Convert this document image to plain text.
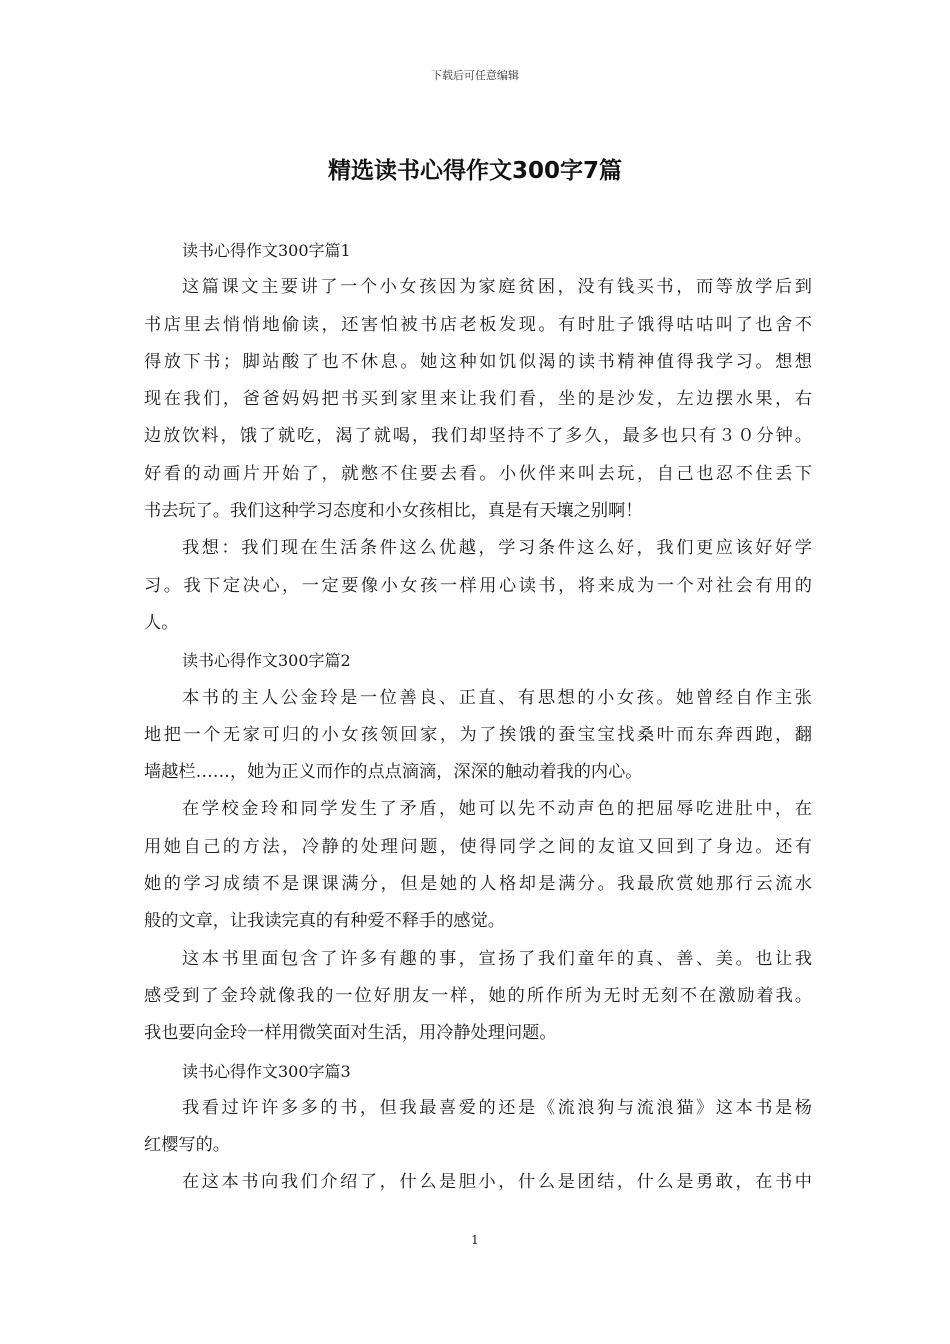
下载后可任意编辑
精选读书心得作文300字7篇
读书心得作文300字篇1
这篇课文主要讲了一个小女孩因为家庭贫困，没有钱买书，而等放学后到
书店里去悄悄地偷读，还害怕被书店老板发现。有时肚子饿得咕咕叫了也舍不
得放下书；脚站酸了也不休息。她这种如饥似渴的读书精神值得我学习。想想
现在我们，爸爸妈妈把书买到家里来让我们看，坐的是沙发，左边摆水果，右
边放饮料，饿了就吃，渴了就喝，我们却坚持不了多久，最多也只有３０分钟。
好看的动画片开始了，就憋不住要去看。小伙伴来叫去玩，自己也忍不住丢下
书去玩了。我们这种学习态度和小女孩相比，真是有天壤之别啊！
我想：我们现在生活条件这么优越，学习条件这么好，我们更应该好好学
习。我下定决心，一定要像小女孩一样用心读书，将来成为一个对社会有用的
人。
读书心得作文300字篇2
本书的主人公金玲是一位善良、正直、有思想的小女孩。她曾经自作主张
地把一个无家可归的小女孩领回家，为了挨饿的蚕宝宝找桑叶而东奔西跑，翻
墙越栏……，她为正义而作的点点滴滴，深深的触动着我的内心。
在学校金玲和同学发生了矛盾，她可以先不动声色的把屈辱吃进肚中，在
用她自己的方法，冷静的处理问题，使得同学之间的友谊又回到了身边。还有
她的学习成绩不是课课满分，但是她的人格却是满分。我最欣赏她那行云流水
般的文章，让我读完真的有种爱不释手的感觉。
这本书里面包含了许多有趣的事，宣扬了我们童年的真、善、美。也让我
感受到了金玲就像我的一位好朋友一样，她的所作所为无时无刻不在激励着我。
我也要向金玲一样用微笑面对生活，用冷静处理问题。
读书心得作文300字篇3
我看过许许多多的书，但我最喜爱的还是《流浪狗与流浪猫》这本书是杨
红樱写的。
在这本书向我们介绍了，什么是胆小，什么是团结，什么是勇敢，在书中
1
